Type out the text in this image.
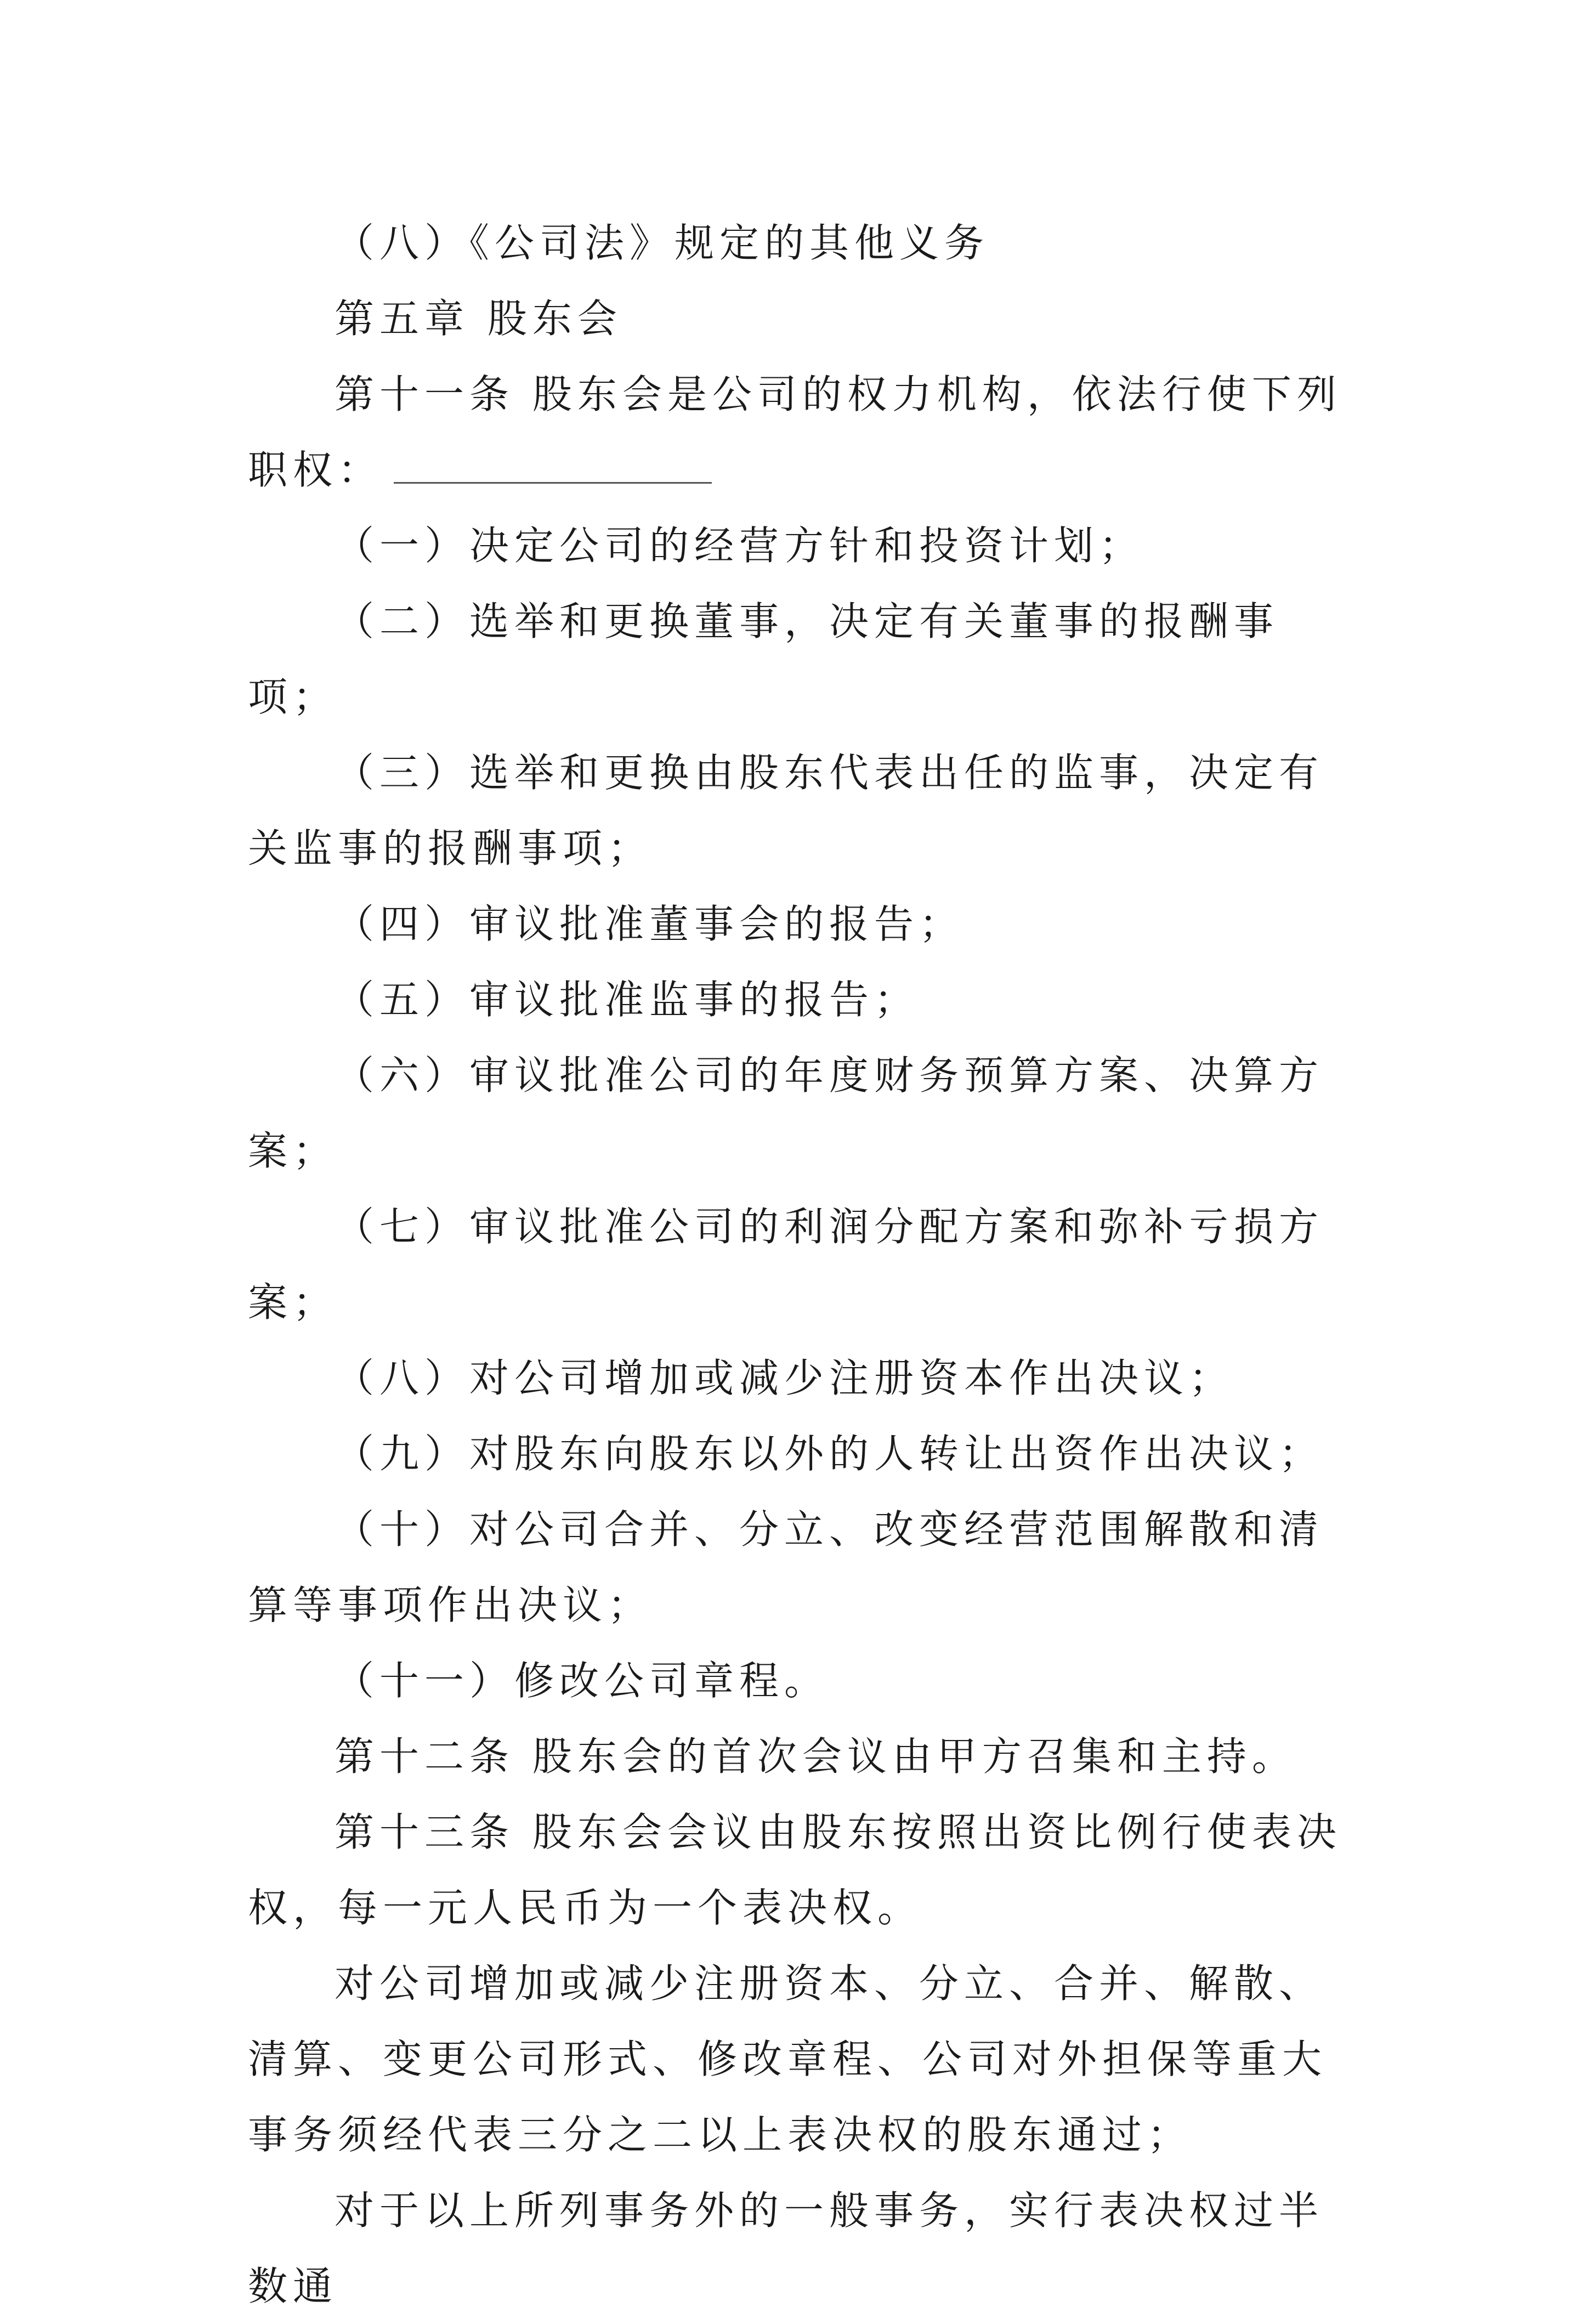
（八）《公司法》规定的其他义务

第五章 股东会

第十一条 股东会是公司的权力机构，依法行使下列职权：

（一）决定公司的经营方针和投资计划；

（二）选举和更换董事，决定有关董事的报酬事项；

（三）选举和更换由股东代表出任的监事，决定有关监事的报酬事项；

（四）审议批准董事会的报告；

（五）审议批准监事的报告；

（六）审议批准公司的年度财务预算方案、决算方案；

（七）审议批准公司的利润分配方案和弥补亏损方案；

（八）对公司增加或减少注册资本作出决议；

（九）对股东向股东以外的人转让出资作出决议；

（十）对公司合并、分立、改变经营范围解散和清算等事项作出决议；

（十一）修改公司章程。

第十二条 股东会的首次会议由甲方召集和主持。

第十三条 股东会会议由股东按照出资比例行使表决权，每一元人民币为一个表决权。

对公司增加或减少注册资本、分立、合并、解散、清算、变更公司形式、修改章程、公司对外担保等重大事务须经代表三分之二以上表决权的股东通过；

对于以上所列事务外的一般事务，实行表决权过半数通
